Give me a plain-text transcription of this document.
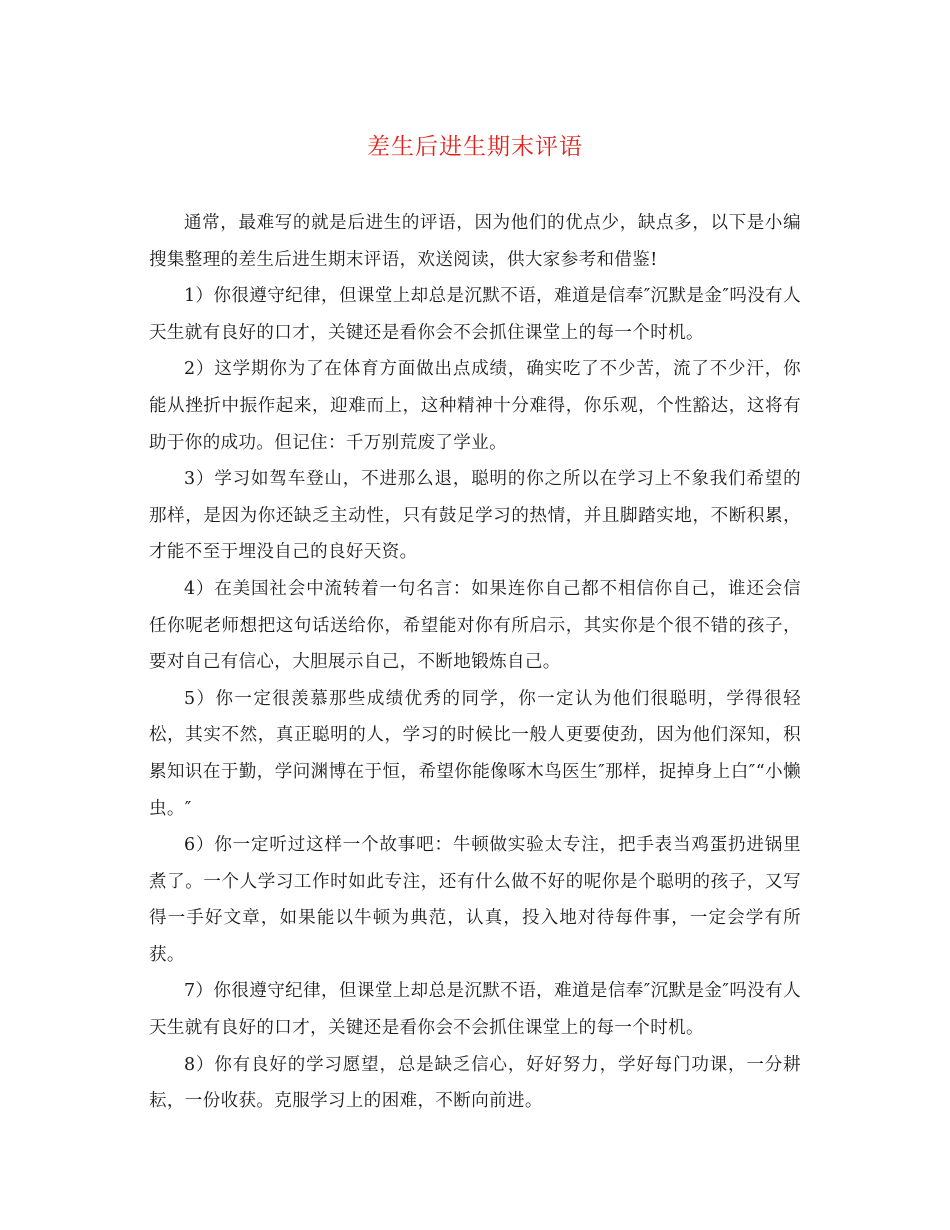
差生后进生期末评语

通常，最难写的就是后进生的评语，因为他们的优点少，缺点多，以下是小编搜集整理的差生后进生期末评语，欢送阅读，供大家参考和借鉴!

1）你很遵守纪律，但课堂上却总是沉默不语，难道是信奉″沉默是金″吗没有人天生就有良好的口才，关键还是看你会不会抓住课堂上的每一个时机。

2）这学期你为了在体育方面做出点成绩，确实吃了不少苦，流了不少汗，你能从挫折中振作起来，迎难而上，这种精神十分难得，你乐观，个性豁达，这将有助于你的成功。但记住：千万别荒废了学业。

3）学习如驾车登山，不进那么退，聪明的你之所以在学习上不象我们希望的那样，是因为你还缺乏主动性，只有鼓足学习的热情，并且脚踏实地，不断积累，才能不至于埋没自己的良好天资。

4）在美国社会中流转着一句名言：如果连你自己都不相信你自己，谁还会信任你呢老师想把这句话送给你，希望能对你有所启示，其实你是个很不错的孩子，要对自己有信心，大胆展示自己，不断地锻炼自己。

5）你一定很羡慕那些成绩优秀的同学，你一定认为他们很聪明，学得很轻松，其实不然，真正聪明的人，学习的时候比一般人更要使劲，因为他们深知，积累知识在于勤，学问渊博在于恒，希望你能像啄木鸟医生″那样，捉掉身上白″“小懒虫。″

6）你一定听过这样一个故事吧：牛顿做实验太专注，把手表当鸡蛋扔进锅里煮了。一个人学习工作时如此专注，还有什么做不好的呢你是个聪明的孩子，又写得一手好文章，如果能以牛顿为典范，认真，投入地对待每件事，一定会学有所获。

7）你很遵守纪律，但课堂上却总是沉默不语，难道是信奉″沉默是金″吗没有人天生就有良好的口才，关键还是看你会不会抓住课堂上的每一个时机。

8）你有良好的学习愿望，总是缺乏信心，好好努力，学好每门功课，一分耕耘，一份收获。克服学习上的困难，不断向前进。
